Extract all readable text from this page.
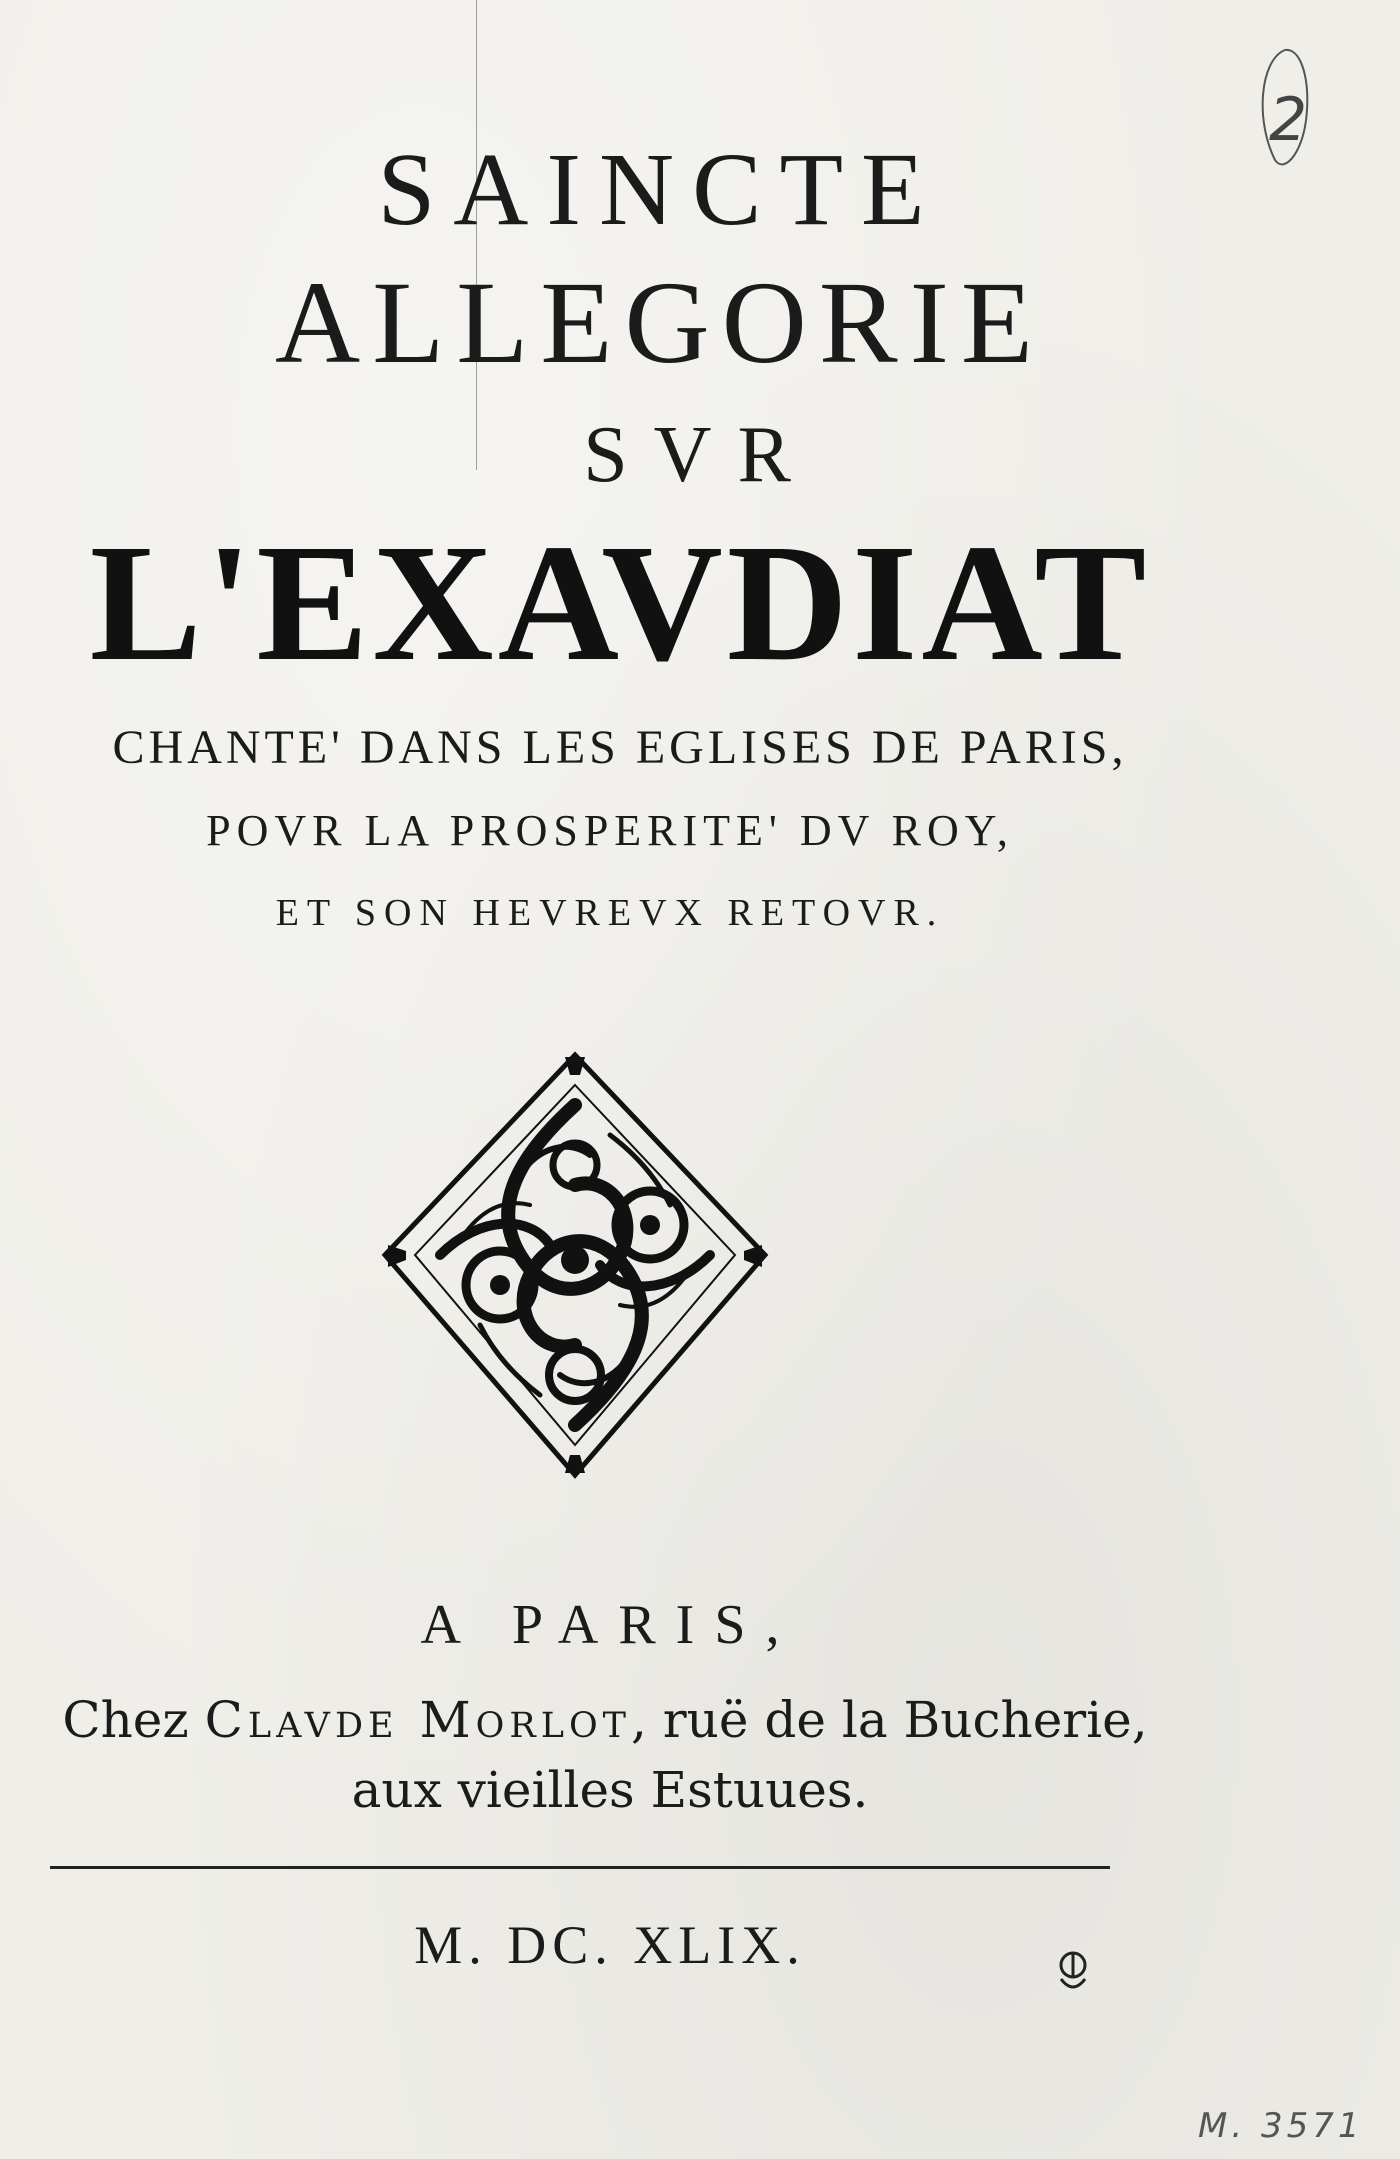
2
SAINCTE
ALLEGORIE
SVR
L'EXAVDIAT
CHANTE' DANS LES EGLISES DE PARIS,
POVR LA PROSPERITE' DV ROY,
ET SON HEVREVX RETOVR.
A PARIS,
Chez Clavde Morlot, ruë de la Bucherie,
aux vieilles Estuues.
M. DC. XLIX.
M. 3571
